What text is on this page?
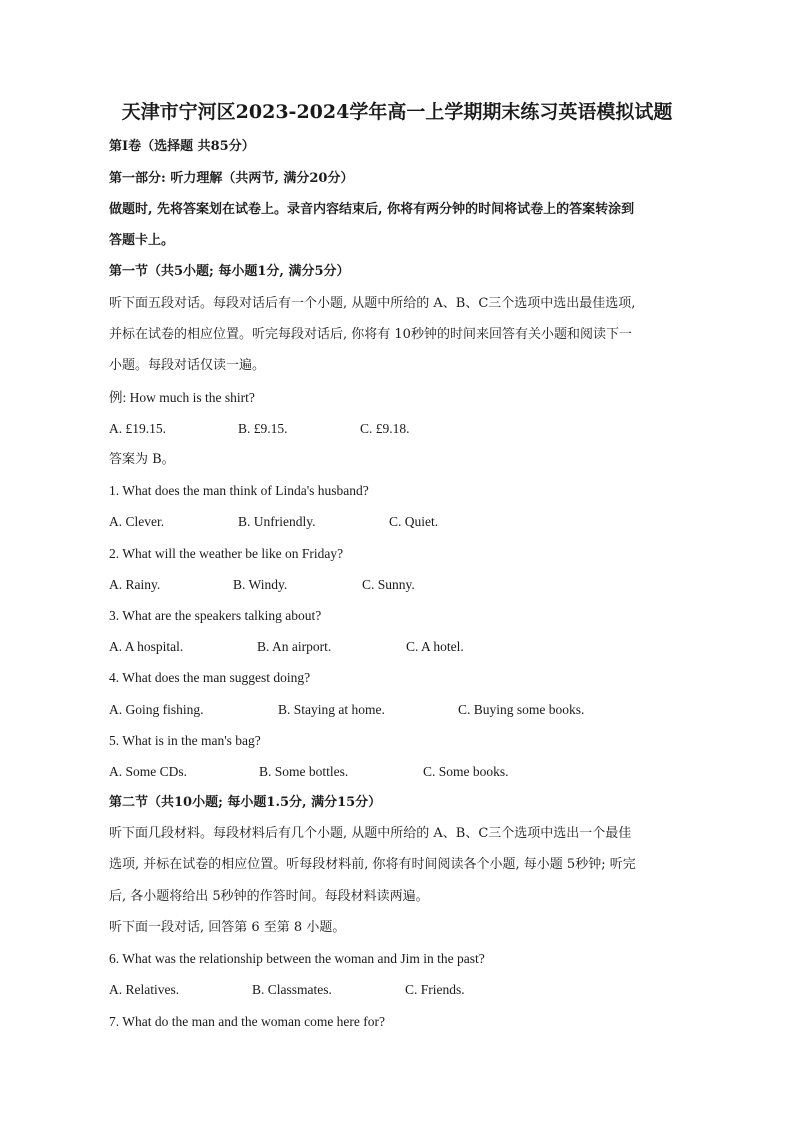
天津市宁河区2023-2024学年高一上学期期末练习英语模拟试题
第I卷（选择题 共85分）
第一部分: 听力理解（共两节, 满分20分）
做题时, 先将答案划在试卷上。录音内容结束后, 你将有两分钟的时间将试卷上的答案转涂到
答题卡上。
第一节（共5小题; 每小题1分, 满分5分）
听下面五段对话。每段对话后有一个小题, 从题中所给的 A、B、C三个选项中选出最佳选项,
并标在试卷的相应位置。听完每段对话后, 你将有 10秒钟的时间来回答有关小题和阅读下一
小题。每段对话仅读一遍。
例: How much is the shirt?
A. £19.15.	B. £9.15.	C. £9.18.
答案为 B。
1. What does the man think of Linda's husband?
A. Clever.	B. Unfriendly.	C. Quiet.
2. What will the weather be like on Friday?
A. Rainy.	B. Windy.	C. Sunny.
3. What are the speakers talking about?
A. A hospital.	B. An airport.	C. A hotel.
4. What does the man suggest doing?
A. Going fishing.	B. Staying at home.	C. Buying some books.
5. What is in the man's bag?
A. Some CDs.	B. Some bottles.	C. Some books.
第二节（共10小题; 每小题1.5分, 满分15分）
听下面几段材料。每段材料后有几个小题, 从题中所给的 A、B、C三个选项中选出一个最佳
选项, 并标在试卷的相应位置。听每段材料前, 你将有时间阅读各个小题, 每小题 5秒钟; 听完
后, 各小题将给出 5秒钟的作答时间。每段材料读两遍。
听下面一段对话, 回答第 6 至第 8 小题。
6. What was the relationship between the woman and Jim in the past?
A. Relatives.	B. Classmates.	C. Friends.
7. What do the man and the woman come here for?
